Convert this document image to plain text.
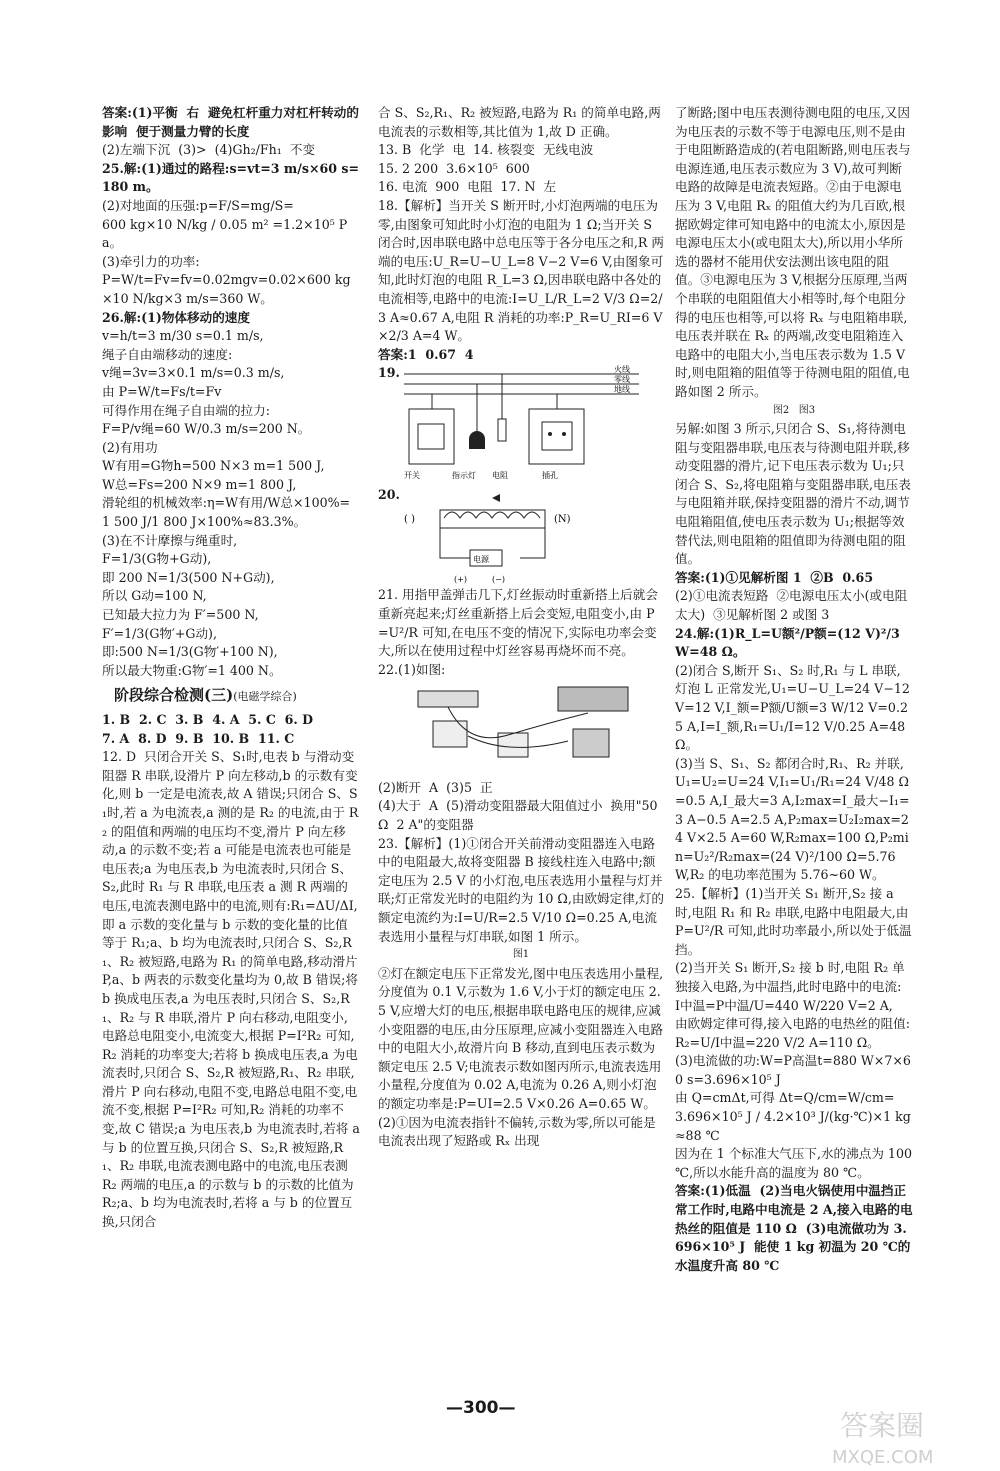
答案:(1)平衡  右  避免杠杆重力对杠杆转动的影响  便于测量力臂的长度

(2)左端下沉  (3)>  (4)Gh₂/Fh₁  不变

25.解:(1)通过的路程:s=vt=3 m/s×60 s=180 m。

(2)对地面的压强:p=F/S=mg/S=

600 kg×10 N/kg / 0.05 m² =1.2×10⁵ Pa。

(3)牵引力的功率:

P=W/t=Fv=fv=0.02mgv=0.02×600 kg×10 N/kg×3 m/s=360 W。

26.解:(1)物体移动的速度

v=h/t=3 m/30 s=0.1 m/s,

绳子自由端移动的速度:

v绳=3v=3×0.1 m/s=0.3 m/s,

由 P=W/t=Fs/t=Fv

可得作用在绳子自由端的拉力:

F=P/v绳=60 W/0.3 m/s=200 N。

(2)有用功

W有用=G物h=500 N×3 m=1 500 J,

W总=Fs=200 N×9 m=1 800 J,

滑轮组的机械效率:η=W有用/W总×100%=

1 500 J/1 800 J×100%≈83.3%。

(3)在不计摩擦与绳重时,

F=1/3(G物+G动),

即 200 N=1/3(500 N+G动),

所以 G动=100 N,

已知最大拉力为 F′=500 N,

F′=1/3(G物′+G动),

即:500 N=1/3(G物′+100 N),

所以最大物重:G物′=1 400 N。

阶段综合检测(三)(电磁学综合)

1. B  2. C  3. B  4. A  5. C  6. D

7. A  8. D  9. B  10. B  11. C

12. D  只闭合开关 S、S₁时,电表 b 与滑动变阻器 R 串联,设滑片 P 向左移动,b 的示数有变化,则 b 一定是电流表,故 A 错误;只闭合 S、S₁时,若 a 为电流表,a 测的是 R₂ 的电流,由于 R₂ 的阻值和两端的电压均不变,滑片 P 向左移动,a 的示数不变;若 a 可能是电流表也可能是电压表;a 为电压表,b 为电流表时,只闭合 S、S₂,此时 R₁ 与 R 串联,电压表 a 测 R 两端的电压,电流表测电路中的电流,则有:R₁=ΔU/ΔI,即 a 示数的变化量与 b 示数的变化量的比值等于 R₁;a、b 均为电流表时,只闭合 S、S₂,R₁、R₂ 被短路,电路为 R₁ 的简单电路,移动滑片 P,a、b 两表的示数变化量均为 0,故 B 错误;将 b 换成电压表,a 为电压表时,只闭合 S、S₂,R₁、R₂ 与 R 串联,滑片 P 向右移动,电阻变小,电路总电阻变小,电流变大,根据 P=I²R₂ 可知,R₂ 消耗的功率变大;若将 b 换成电压表,a 为电流表时,只闭合 S、S₂,R 被短路,R₁、R₂ 串联,滑片 P 向右移动,电阻不变,电路总电阻不变,电流不变,根据 P=I²R₂ 可知,R₂ 消耗的功率不变,故 C 错误;a 为电压表,b 为电流表时,若将 a 与 b 的位置互换,只闭合 S、S₂,R 被短路,R₁、R₂ 串联,电流表测电路中的电流,电压表测 R₂ 两端的电压,a 的示数与 b 的示数的比值为 R₂;a、b 均为电流表时,若将 a 与 b 的位置互换,只闭合

合 S、S₂,R₁、R₂ 被短路,电路为 R₁ 的简单电路,两电流表的示数相等,其比值为 1,故 D 正确。

13. B  化学  电  14. 核裂变  无线电波

15. 2 200  3.6×10⁵  600

16. 电流  900  电阻  17. N  左

18.【解析】当开关 S 断开时,小灯泡两端的电压为零,由图象可知此时小灯泡的电阻为 1 Ω;当开关 S 闭合时,因串联电路中总电压等于各分电压之和,R 两端的电压:U_R=U−U_L=8 V−2 V=6 V,由图象可知,此时灯泡的电阻 R_L=3 Ω,因串联电路中各处的电流相等,电路中的电流:I=U_L/R_L=2 V/3 Ω=2/3 A≈0.67 A,电阻 R 消耗的功率:P_R=U_RI=6 V×2/3 A=4 W。

答案:1  0.67  4

19.	火线
零线
地线
开关	指示灯 电阻	插孔
20.
( )	(N)
电源
(+)	(−)

21. 用指甲盖弹击几下,灯丝振动时重新搭上后就会重新亮起来;灯丝重新搭上后会变短,电阻变小,由 P=U²/R 可知,在电压不变的情况下,实际电功率会变大,所以在使用过程中灯丝容易再烧坏而不亮。

22.(1)如图:

(2)断开  A  (3)5  正

(4)大于  A  (5)滑动变阻器最大阻值过小  换用"50 Ω  2 A"的变阻器

23.【解析】(1)①闭合开关前滑动变阻器连入电路中的电阻最大,故将变阻器 B 接线柱连入电路中;额定电压为 2.5 V 的小灯泡,电压表选用小量程与灯并联;灯正常发光时的电阻约为 10 Ω,由欧姆定律,灯的额定电流约为:I=U/R=2.5 V/10 Ω=0.25 A,电流表选用小量程与灯串联,如图 1 所示。

图1

②灯在额定电压下正常发光,图中电压表选用小量程,分度值为 0.1 V,示数为 1.6 V,小于灯的额定电压 2.5 V,应增大灯的电压,根据串联电路电压的规律,应减小变阻器的电压,由分压原理,应减小变阻器连入电路中的电阻大小,故滑片向 B 移动,直到电压表示数为额定电压 2.5 V;电流表示数如图丙所示,电流表选用小量程,分度值为 0.02 A,电流为 0.26 A,则小灯泡的额定功率是:P=UI=2.5 V×0.26 A=0.65 W。

(2)①因为电流表指针不偏转,示数为零,所以可能是电流表出现了短路或 Rₓ 出现

了断路;图中电压表测待测电阻的电压,又因为电压表的示数不等于电源电压,则不是由于电阻断路造成的(若电阻断路,则电压表与电源连通,电压表示数应为 3 V),故可判断电路的故障是电流表短路。②由于电源电压为 3 V,电阻 Rₓ 的阻值大约为几百欧,根据欧姆定律可知电路中的电流太小,原因是电源电压太小(或电阻太大),所以用小华所选的器材不能用伏安法测出该电阻的阻值。③电源电压为 3 V,根据分压原理,当两个串联的电阻阻值大小相等时,每个电阻分得的电压也相等,可以将 Rₓ 与电阻箱串联,电压表并联在 Rₓ 的两端,改变电阻箱连入电路中的电阻大小,当电压表示数为 1.5 V 时,则电阻箱的阻值等于待测电阻的阻值,电路如图 2 所示。

图2   图3

另解:如图 3 所示,只闭合 S、S₁,将待测电阻与变阻器串联,电压表与待测电阻并联,移动变阻器的滑片,记下电压表示数为 U₁;只闭合 S、S₂,将电阻箱与变阻器串联,电压表与电阻箱并联,保持变阻器的滑片不动,调节电阻箱阻值,使电压表示数为 U₁;根据等效替代法,则电阻箱的阻值即为待测电阻的阻值。

答案:(1)①见解析图 1  ②B  0.65

(2)①电流表短路  ②电源电压太小(或电阻太大)  ③见解析图 2 或图 3

24.解:(1)R_L=U额²/P额=(12 V)²/3 W=48 Ω。

(2)闭合 S,断开 S₁、S₂ 时,R₁ 与 L 串联,灯泡 L 正常发光,U₁=U−U_L=24 V−12 V=12 V,I_额=P额/U额=3 W/12 V=0.25 A,I=I_额,R₁=U₁/I=12 V/0.25 A=48 Ω。

(3)当 S、S₁、S₂ 都闭合时,R₁、R₂ 并联,U₁=U₂=U=24 V,I₁=U₁/R₁=24 V/48 Ω=0.5 A,I_最大=3 A,I₂max=I_最大−I₁=3 A−0.5 A=2.5 A,P₂max=U₂I₂max=24 V×2.5 A=60 W,R₂max=100 Ω,P₂min=U₂²/R₂max=(24 V)²/100 Ω=5.76 W,R₂ 的电功率范围为 5.76~60 W。

25.【解析】(1)当开关 S₁ 断开,S₂ 接 a 时,电阻 R₁ 和 R₂ 串联,电路中电阻最大,由 P=U²/R 可知,此时功率最小,所以处于低温挡。

(2)当开关 S₁ 断开,S₂ 接 b 时,电阻 R₂ 单独接入电路,为中温挡,此时电路中的电流:

I中温=P中温/U=440 W/220 V=2 A,

由欧姆定律可得,接入电路的电热丝的阻值:R₂=U/I中温=220 V/2 A=110 Ω。

(3)电流做的功:W=P高温t=880 W×7×60 s=3.696×10⁵ J

由 Q=cmΔt,可得 Δt=Q/cm=W/cm=

3.696×10⁵ J / 4.2×10³ J/(kg·℃)×1 kg ≈88 ℃

因为在 1 个标准大气压下,水的沸点为 100 ℃,所以水能升高的温度为 80 ℃。

答案:(1)低温  (2)当电火锅使用中温挡正常工作时,电路中电流是 2 A,接入电路的电热丝的阻值是 110 Ω  (3)电流做功为 3.696×10⁵ J  能使 1 kg 初温为 20 ℃的水温度升高 80 ℃

—300—
答案圈
MXQE.COM
